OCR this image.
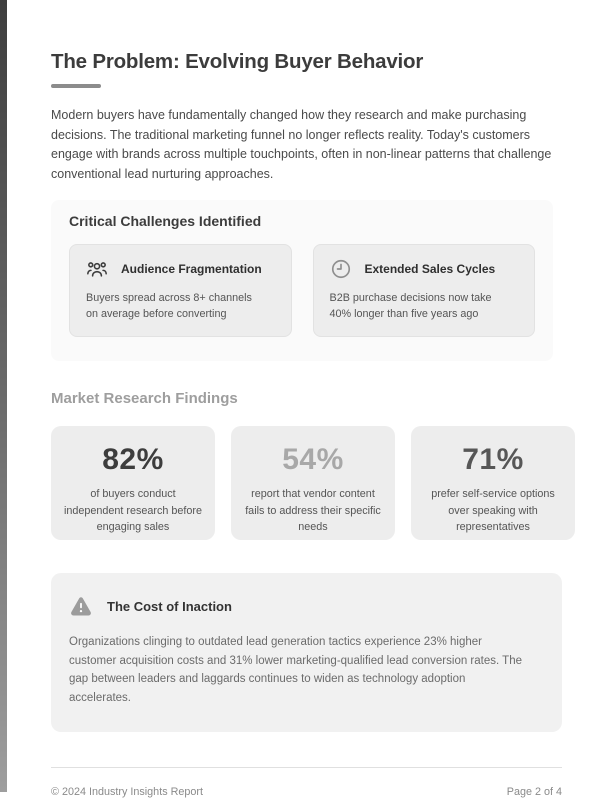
The Problem: Evolving Buyer Behavior

Modern buyers have fundamentally changed how they research and make purchasing decisions. The traditional marketing funnel no longer reflects reality. Today's customers engage with brands across multiple touchpoints, often in non-linear patterns that challenge conventional lead nurturing approaches.

Critical Challenges Identified
Audience Fragmentation
Buyers spread across 8+ channels on average before converting
Extended Sales Cycles
B2B purchase decisions now take 40% longer than five years ago
Market Research Findings
82%
of buyers conduct independent research before engaging sales
54%
report that vendor content fails to address their specific needs
71%
prefer self-service options over speaking with representatives
The Cost of Inaction

Organizations clinging to outdated lead generation tactics experience 23% higher customer acquisition costs and 31% lower marketing-qualified lead conversion rates. The gap between leaders and laggards continues to widen as technology adoption accelerates.

© 2024 Industry Insights Report	Page 2 of 4
